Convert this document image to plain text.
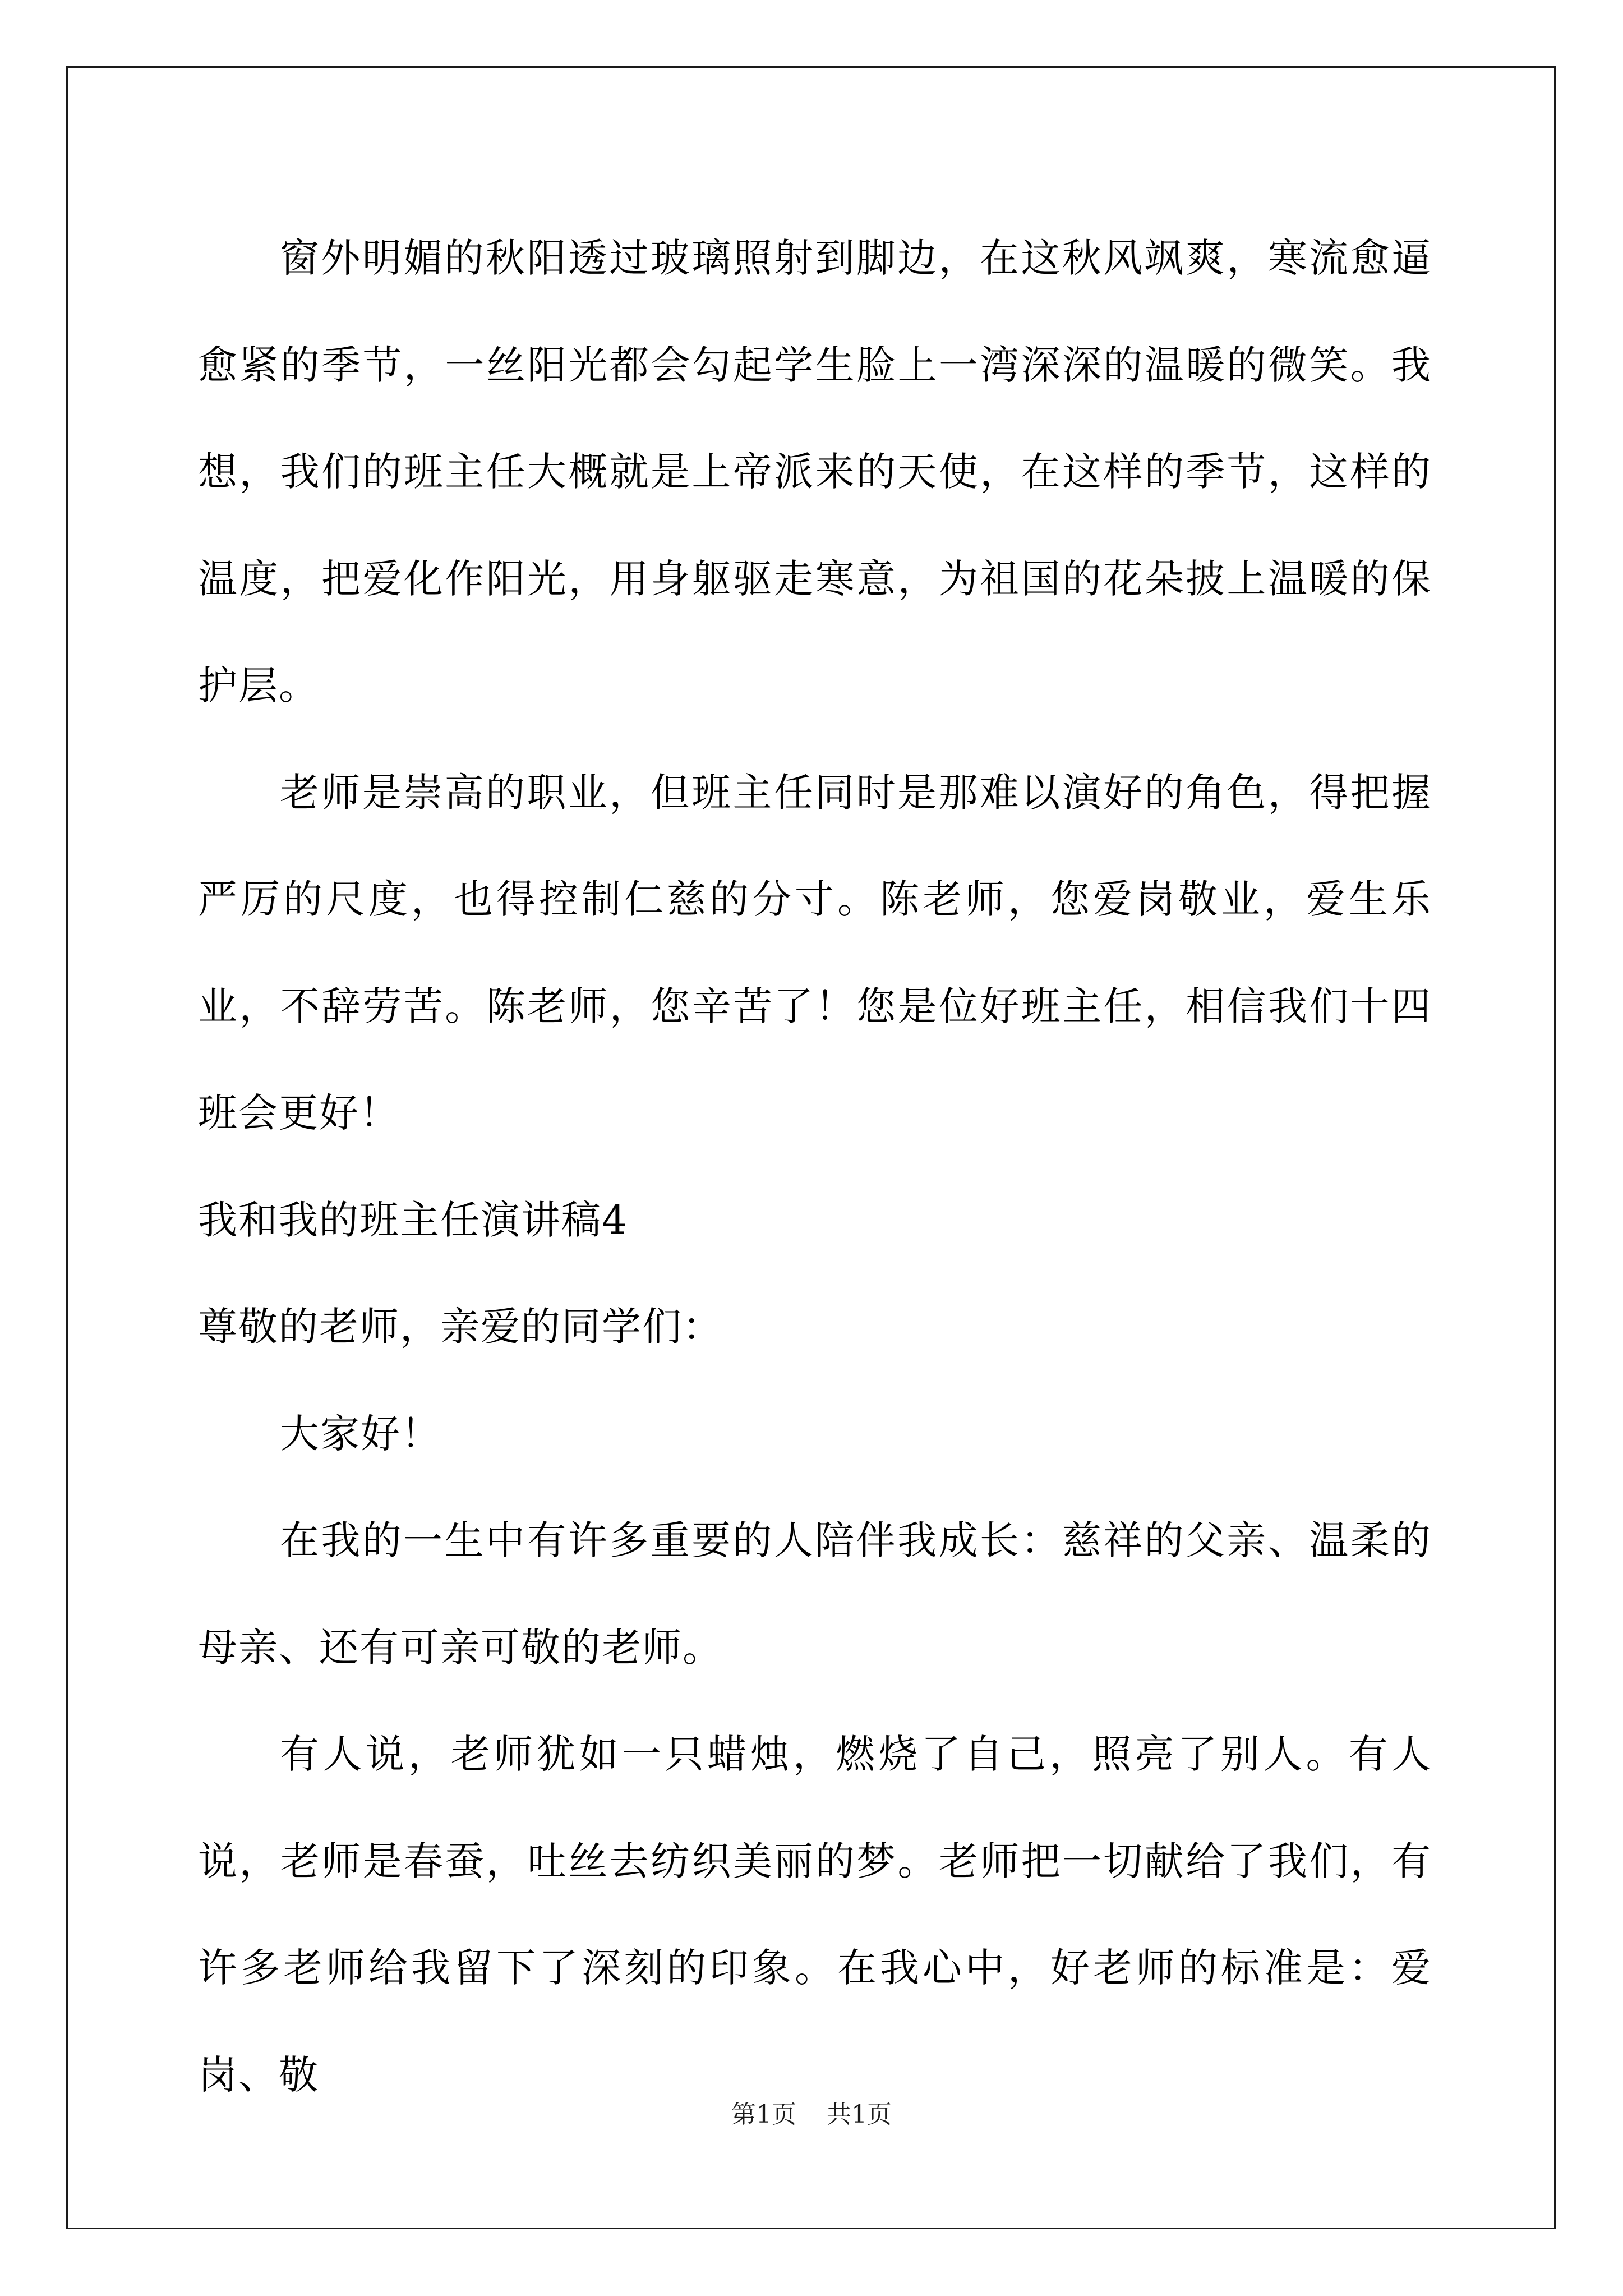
窗外明媚的秋阳透过玻璃照射到脚边，在这秋风飒爽，寒流愈逼愈紧的季节，一丝阳光都会勾起学生脸上一湾深深的温暖的微笑。我想，我们的班主任大概就是上帝派来的天使，在这样的季节，这样的温度，把爱化作阳光，用身躯驱走寒意，为祖国的花朵披上温暖的保护层。

老师是崇高的职业，但班主任同时是那难以演好的角色，得把握严厉的尺度，也得控制仁慈的分寸。陈老师，您爱岗敬业，爱生乐业，不辞劳苦。陈老师，您辛苦了！您是位好班主任，相信我们十四班会更好！

我和我的班主任演讲稿4

尊敬的老师，亲爱的同学们：

大家好！

在我的一生中有许多重要的人陪伴我成长：慈祥的父亲、温柔的母亲、还有可亲可敬的老师。

有人说，老师犹如一只蜡烛，燃烧了自己，照亮了别人。有人说，老师是春蚕，吐丝去纺织美丽的梦。老师把一切献给了我们，有许多老师给我留下了深刻的印象。在我心中，好老师的标准是：爱岗、敬

第1页 共1页
